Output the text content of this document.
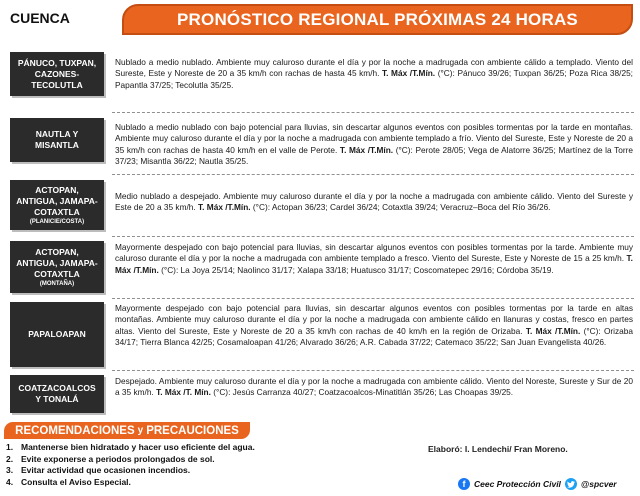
CUENCA	PRONÓSTICO REGIONAL PRÓXIMAS 24 HORAS
PÁNUCO, TUXPAN,
CAZONES-
TECOLUTLA
Nublado a medio nublado. Ambiente muy caluroso durante el día y por la noche a madrugada con ambiente cálido a templado. Viento del Sureste, Este y Noreste de 20 a 35 km/h con rachas de hasta 45 km/h. T. Máx /T.Mín. (°C): Pánuco 39/26; Tuxpan 36/25; Poza Rica 38/25; Papantla 37/25; Tecolutla 35/25.
NAUTLA Y
MISANTLA
Nublado a medio nublado con bajo potencial para lluvias, sin descartar algunos eventos con posibles tormentas por la tarde en montañas. Ambiente muy caluroso durante el día y por la noche a madrugada con ambiente templado a frío. Viento del Sureste, Este y Noreste de 20 a 35 km/h con rachas de hasta 40 km/h en el valle de Perote. T. Máx /T.Mín. (°C): Perote 28/05; Vega de Alatorre 36/25; Martínez de la Torre 37/23; Misantla 36/22; Nautla 35/25.
ACTOPAN,
ANTIGUA, JAMAPA-
COTAXTLA
(PLANICIE/COSTA)
Medio nublado a despejado. Ambiente muy caluroso durante el día y por la noche a madrugada con ambiente cálido. Viento del Sureste y Este de 20 a 35 km/h. T. Máx /T.Mín. (°C): Actopan 36/23; Cardel 36/24; Cotaxtla 39/24; Veracruz–Boca del Río 36/26.
ACTOPAN,
ANTIGUA, JAMAPA-
COTAXTLA
(MONTAÑA)
Mayormente despejado con bajo potencial para lluvias, sin descartar algunos eventos con posibles tormentas por la tarde. Ambiente muy caluroso durante el día y por la noche a madrugada con ambiente templado a fresco. Viento del Sureste, Este y Noreste de 15 a 25 km/h. T. Máx /T.Mín. (°C): La Joya 25/14; Naolinco 31/17; Xalapa 33/18; Huatusco 31/17; Coscomatepec 29/16; Córdoba 35/19.
PAPALOAPAN
Mayormente despejado con bajo potencial para lluvias, sin descartar algunos eventos con posibles tormentas por la tarde en altas montañas. Ambiente muy caluroso durante el día y por la noche a madrugada con ambiente cálido en llanuras y costas, fresco en partes altas. Viento del Sureste, Este y Noreste de 20 a 35 km/h con rachas de 40 km/h en la región de Orizaba. T. Máx /T.Mín. (°C): Orizaba 34/17; Tierra Blanca 42/25; Cosamaloapan 41/26; Alvarado 36/26; A.R. Cabada 37/22; Catemaco 35/22; San Juan Evangelista 40/26.
COATZACOALCOS
Y TONALÁ
Despejado. Ambiente muy caluroso durante el día y por la noche a madrugada con ambiente cálido. Viento del Noreste, Sureste y Sur de 20 a 35 km/h. T. Máx /T. Mín. (°C): Jesús Carranza 40/27; Coatzacoalcos-Minatitlán 35/26; Las Choapas 39/25.
RECOMENDACIONES y PRECAUCIONES
1. Mantenerse bien hidratado y hacer uso eficiente del agua.
2. Evite exponerse a periodos prolongados de sol.
3. Evitar actividad que ocasionen incendios.
4. Consulta el Aviso Especial.
Elaboró: I. Lendechi/ Fran Moreno.
f	Ceec Protección Civil @spcver
